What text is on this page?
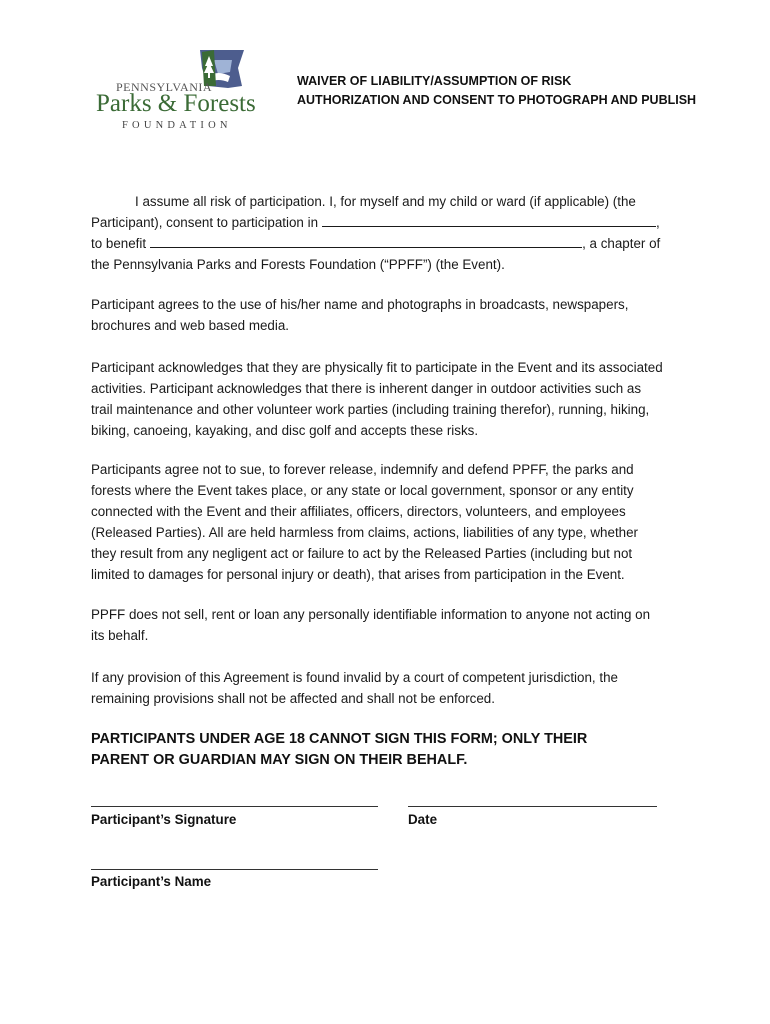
PENNSYLVANIA
Parks & Forests
FOUNDATION
WAIVER OF LIABILITY/ASSUMPTION OF RISK
AUTHORIZATION AND CONSENT TO PHOTOGRAPH AND PUBLISH
I assume all risk of participation. I, for myself and my child or ward (if applicable) (the
Participant), consent to participation in	,
to benefit	, a chapter of
the Pennsylvania Parks and Forests Foundation (“PPFF”) (the Event).
Participant agrees to the use of his/her name and photographs in broadcasts, newspapers,
brochures and web based media.
Participant acknowledges that they are physically fit to participate in the Event and its associated
activities. Participant acknowledges that there is inherent danger in outdoor activities such as
trail maintenance and other volunteer work parties (including training therefor), running, hiking,
biking, canoeing, kayaking, and disc golf and accepts these risks.
Participants agree not to sue, to forever release, indemnify and defend PPFF, the parks and
forests where the Event takes place, or any state or local government, sponsor or any entity
connected with the Event and their affiliates, officers, directors, volunteers, and employees
(Released Parties). All are held harmless from claims, actions, liabilities of any type, whether
they result from any negligent act or failure to act by the Released Parties (including but not
limited to damages for personal injury or death), that arises from participation in the Event.
PPFF does not sell, rent or loan any personally identifiable information to anyone not acting on
its behalf.
If any provision of this Agreement is found invalid by a court of competent jurisdiction, the
remaining provisions shall not be affected and shall not be enforced.
PARTICIPANTS UNDER AGE 18 CANNOT SIGN THIS FORM; ONLY THEIR
PARENT OR GUARDIAN MAY SIGN ON THEIR BEHALF.
Participant’s Signature	Date
Participant’s Name
